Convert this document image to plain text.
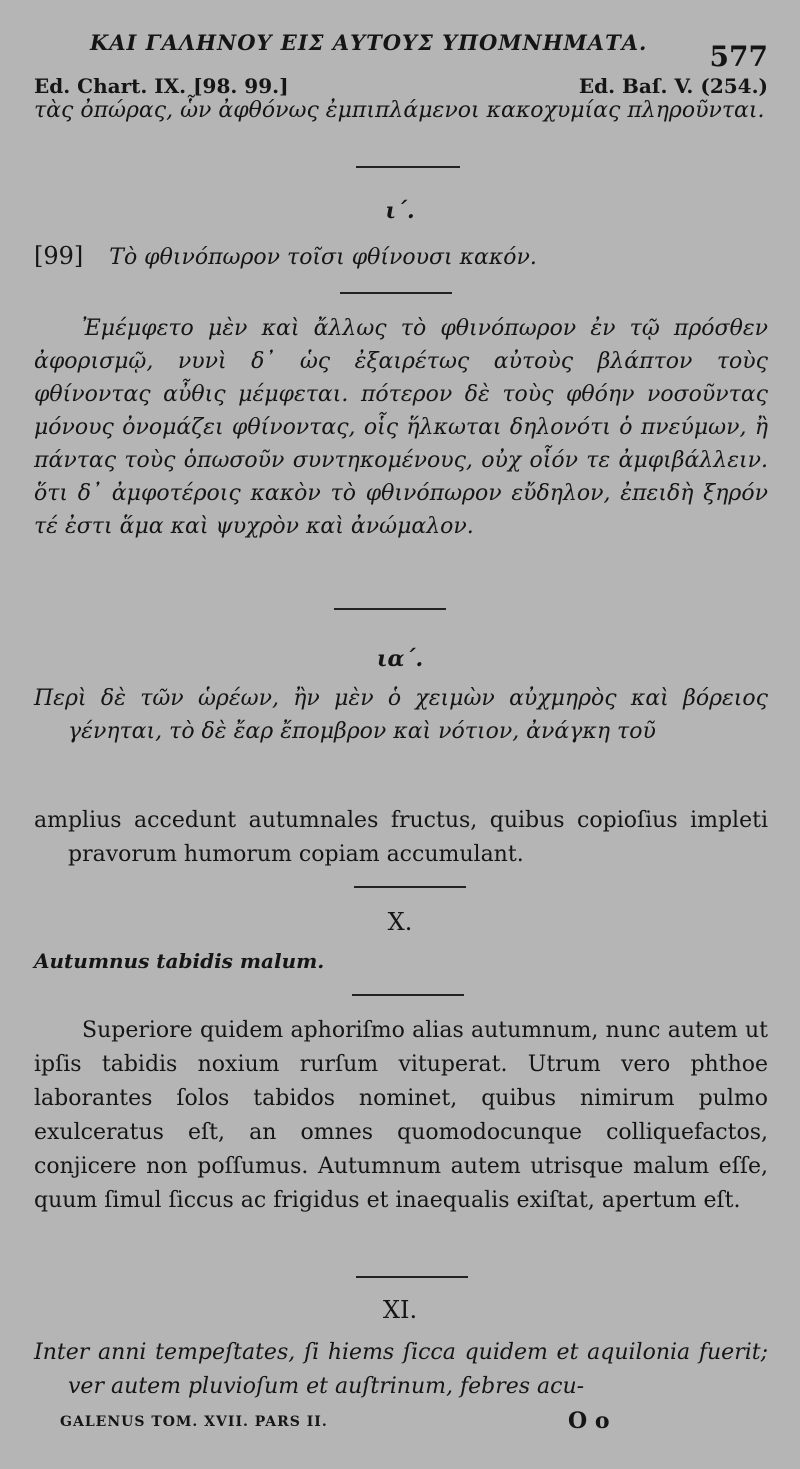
ΚΑΙ ΓΑΛΗΝΟΥ ΕΙΣ ΑΥΤΟΥΣ ΥΠΟΜΝΗΜΑΤΑ. 577
Ed. Chart. IX. [98. 99.]	Ed. Baſ. V. (254.)

τὰς ὀπώρας, ὧν ἀφθόνως ἐμπιπλάμενοι κακοχυμίας πληροῦνται.

ι΄.
[99] Τὸ φθινόπωρον τοῖσι φθίνουσι κακόν.

Ἐμέμφετο μὲν καὶ ἄλλως τὸ φθινόπωρον ἐν τῷ πρόσθεν ἀφορισμῷ, νυνὶ δ᾽ ὡς ἐξαιρέτως αὐτοὺς βλάπτον τοὺς φθίνοντας αὖθις μέμφεται. πότερον δὲ τοὺς φθόην νοσοῦντας μόνους ὀνομάζει φθίνοντας, οἷς ἥλκωται δηλονότι ὁ πνεύμων, ἢ πάντας τοὺς ὁπωσοῦν συντηκομένους, οὐχ οἷόν τε ἀμφιβάλλειν. ὅτι δ᾽ ἀμφοτέροις κακὸν τὸ φθινόπωρον εὔδηλον, ἐπειδὴ ξηρόν τέ ἐστι ἅμα καὶ ψυχρὸν καὶ ἀνώμαλον.

ια΄.

Περὶ δὲ τῶν ὡρέων, ἢν μὲν ὁ χειμὼν αὐχμηρὸς καὶ βόρειος γένηται, τὸ δὲ ἔαρ ἔπομβρον καὶ νότιον, ἀνάγκη τοῦ

amplius accedunt autumnales fructus, quibus copioſius impleti pravorum humorum copiam accumulant.

X.
Autumnus tabidis malum.

Superiore quidem aphoriſmo alias autumnum, nunc autem ut ipſis tabidis noxium rurſum vituperat. Utrum vero phthoe laborantes ſolos tabidos nominet, quibus nimirum pulmo exulceratus eſt, an omnes quomodocunque colliquefactos, conjicere non poſſumus. Autumnum autem utrisque malum eſſe, quum ſimul ſiccus ac frigidus et inaequalis exiſtat, apertum eſt.

XI.

Inter anni tempeſtates, ſi hiems ſicca quidem et aquilonia fuerit; ver autem pluvioſum et auſtrinum, febres acu-

GALENUS TOM. XVII. PARS II.	O o
